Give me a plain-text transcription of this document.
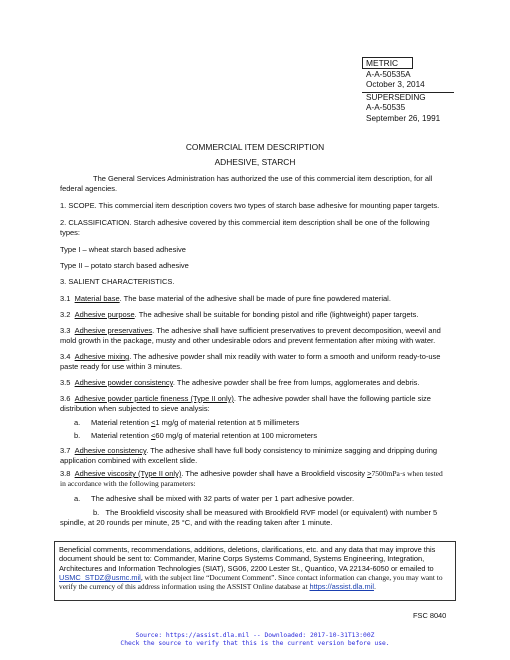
METRIC
A-A-50535A
October 3, 2014
SUPERSEDING
A-A-50535
September 26, 1991
COMMERCIAL ITEM DESCRIPTION
ADHESIVE, STARCH

The General Services Administration has authorized the use of this commercial item description, for all federal agencies.

1. SCOPE. This commercial item description covers two types of starch base adhesive for mounting paper targets.

2. CLASSIFICATION. Starch adhesive covered by this commercial item description shall be one of the following types:

Type I – wheat starch based adhesive

Type II – potato starch based adhesive

3. SALIENT CHARACTERISTICS.

3.1 Material base. The base material of the adhesive shall be made of pure fine powdered material.

3.2 Adhesive purpose. The adhesive shall be suitable for bonding pistol and rifle (lightweight) paper targets.

3.3 Adhesive preservatives. The adhesive shall have sufficient preservatives to prevent decomposition, weevil and mold growth in the package, musty and other undesirable odors and prevent fermentation after mixing with water.

3.4 Adhesive mixing. The adhesive powder shall mix readily with water to form a smooth and uniform ready-to-use paste ready for use within 3 minutes.

3.5 Adhesive powder consistency. The adhesive powder shall be free from lumps, agglomerates and debris.

3.6 Adhesive powder particle fineness (Type II only). The adhesive powder shall have the following particle size distribution when subjected to sieve analysis:

a. Material retention <1 mg/g of material retention at 5 millimeters
b. Material retention <60 mg/g of material retention at 100 micrometers

3.7 Adhesive consistency. The adhesive shall have full body consistency to minimize sagging and dripping during application combined with excellent slide.

3.8 Adhesive viscosity (Type II only). The adhesive powder shall have a Brookfield viscosity >7500mPa·s when tested in accordance with the following parameters:

a. The adhesive shall be mixed with 32 parts of water per 1 part adhesive powder.

b. The Brookfield viscosity shall be measured with Brookfield RVF model (or equivalent) with number 5 spindle, at 20 rounds per minute, 25 °C, and with the reading taken after 1 minute.

Beneficial comments, recommendations, additions, deletions, clarifications, etc. and any data that may improve this document should be sent to: Commander, Marine Corps Systems Command, Systems Engineering, Integration, Architectures and Information Technologies (SIAT), SG06, 2200 Lester St., Quantico, VA 22134-6050 or emailed to USMC_STDZ@usmc.mil, with the subject line “Document Comment”. Since contact information can change, you may want to verify the currency of this address information using the ASSIST Online database at https://assist.dla.mil.

FSC 8040
Source: https://assist.dla.mil -- Downloaded: 2017-10-31T13:00Z
Check the source to verify that this is the current version before use.
